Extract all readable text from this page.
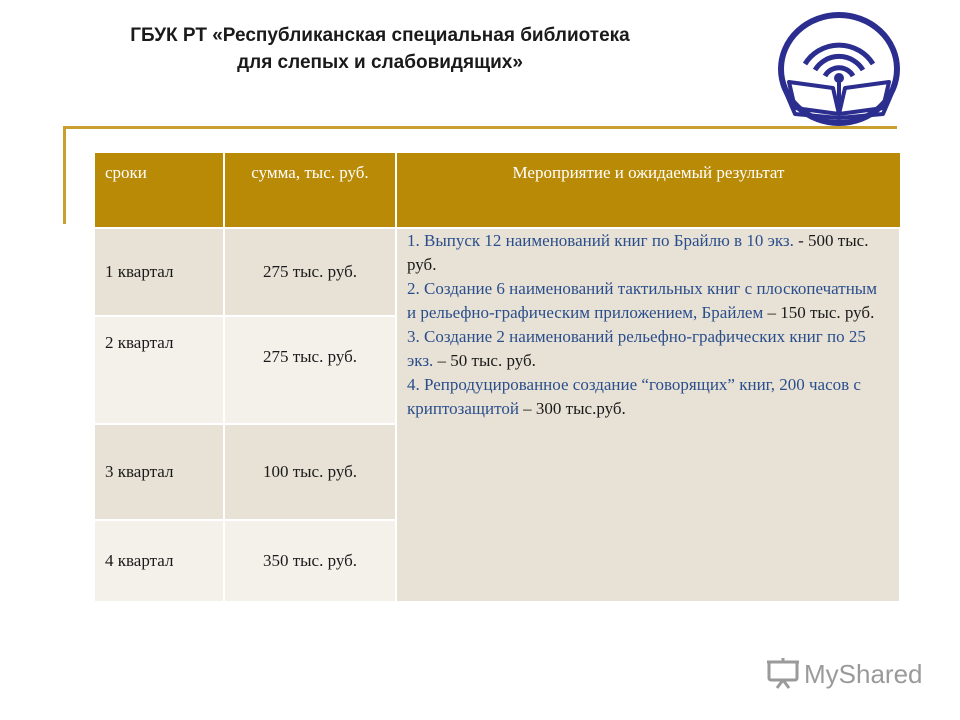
ГБУК РТ «Республиканская специальная библиотека
для слепых и слабовидящих»
сроки	сумма, тыс. руб.	Мероприятие и ожидаемый результат
1 квартал	275 тыс. руб.	1. Выпуск 12 наименований книг по Брайлю в 10 экз. - 500 тыс. руб.
2. Создание 6 наименований тактильных книг с плоскопечатным и рельефно-графическим приложением, Брайлем – 150 тыс. руб.
3. Создание 2 наименований рельефно-графических книг по 25 экз. – 50 тыс. руб.
4. Репродуцированное создание “говорящих” книг, 200 часов с криптозащитой – 300 тыс.руб.

2 квартал	275 тыс. руб.	
3 квартал	100 тыс. руб.	
4 квартал	350 тыс. руб.	
MyShared
